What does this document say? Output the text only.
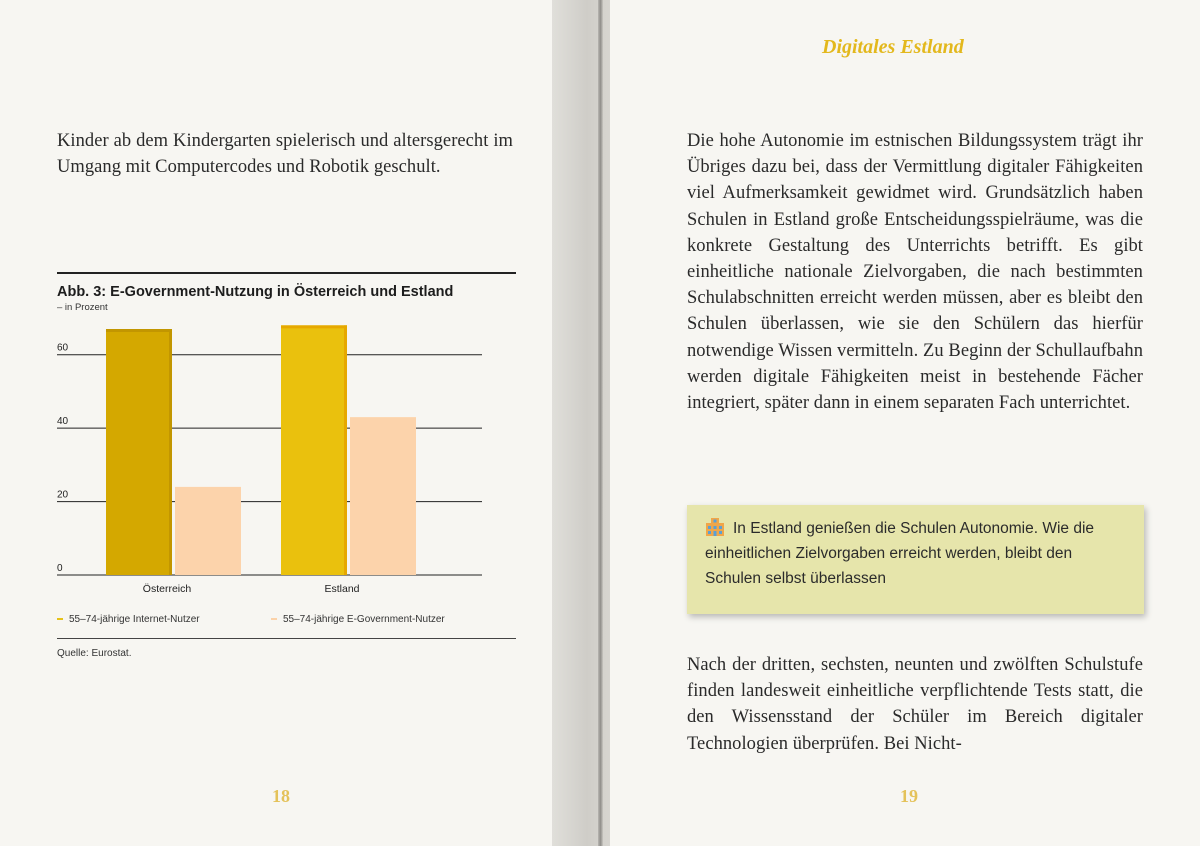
Kinder ab dem Kindergarten spielerisch und altersgerecht im Umgang mit Computercodes und Robotik geschult.
Abb. 3: E-Government-Nutzung in Österreich und Estland
– in Prozent
0
20
40
60
Österreich	Estland
55–74-jährige Internet-Nutzer	55–74-jährige E-Government-Nutzer
Quelle: Eurostat.
18
Digitales Estland
Die hohe Autonomie im estnischen Bildungssystem trägt ihr Übriges dazu bei, dass der Vermittlung digitaler Fähigkeiten viel Aufmerksamkeit gewidmet wird. Grundsätzlich haben Schulen in Estland große Entscheidungsspielräume, was die konkrete Gestaltung des Unterrichts betrifft. Es gibt einheitliche nationale Zielvorgaben, die nach bestimmten Schulabschnitten erreicht werden müssen, aber es bleibt den Schulen überlassen, wie sie den Schülern das hierfür notwendige Wissen vermitteln. Zu Beginn der Schullaufbahn werden digitale Fähigkeiten meist in bestehende Fächer integriert, später dann in einem separaten Fach unterrichtet.
In Estland genießen die Schulen Autonomie. Wie die einheitlichen Zielvorgaben erreicht werden, bleibt den Schulen selbst überlassen
Nach der dritten, sechsten, neunten und zwölften Schulstufe finden landesweit einheitliche verpflichtende Tests statt, die den Wissensstand der Schüler im Bereich digitaler Technologien überprüfen. Bei Nicht-
19
